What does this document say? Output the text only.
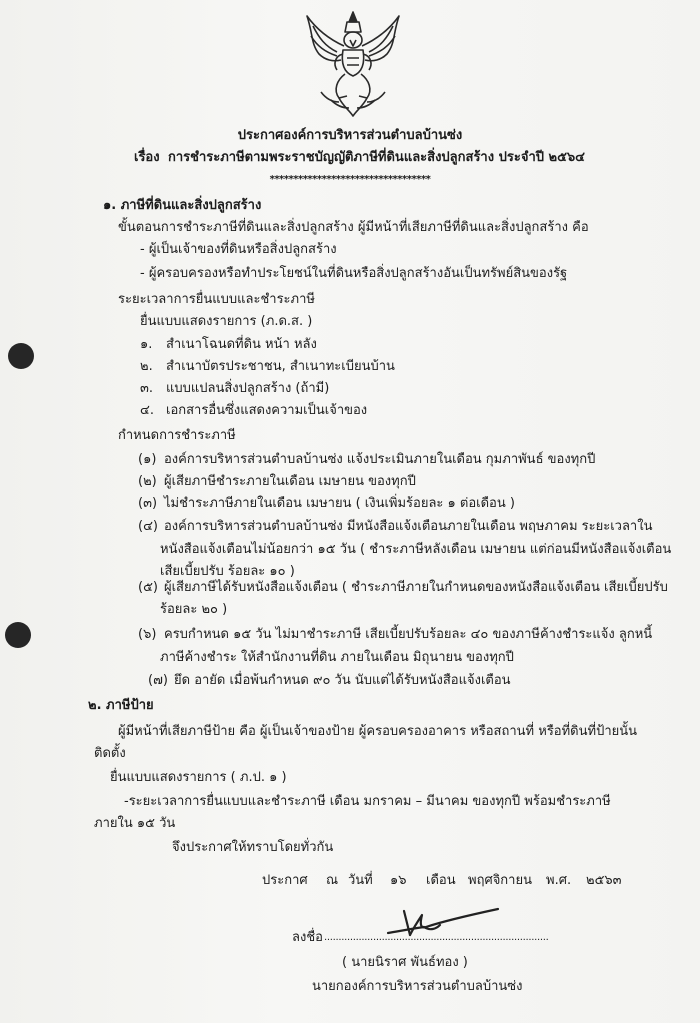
ประกาศองค์การบริหารส่วนตำบลบ้านซ่ง
เรื่อง การชำระภาษีตามพระราชบัญญัติภาษีที่ดินและสิ่งปลูกสร้าง ประจำปี ๒๕๖๔
**********************************
๑. ภาษีที่ดินและสิ่งปลูกสร้าง
ขั้นตอนการชำระภาษีที่ดินและสิ่งปลูกสร้าง ผู้มีหน้าที่เสียภาษีที่ดินและสิ่งปลูกสร้าง คือ
- ผู้เป็นเจ้าของที่ดินหรือสิ่งปลูกสร้าง
- ผู้ครอบครองหรือทำประโยชน์ในที่ดินหรือสิ่งปลูกสร้างอันเป็นทรัพย์สินของรัฐ
ระยะเวลาการยื่นแบบและชำระภาษี
ยื่นแบบแสดงรายการ (ภ.ด.ส. )
๑. สำเนาโฉนดที่ดิน หน้า หลัง
๒. สำเนาบัตรประชาชน, สำเนาทะเบียนบ้าน
๓. แบบแปลนสิ่งปลูกสร้าง (ถ้ามี)
๔. เอกสารอื่นซึ่งแสดงความเป็นเจ้าของ
กำหนดการชำระภาษี
(๑) องค์การบริหารส่วนตำบลบ้านซ่ง แจ้งประเมินภายในเดือน กุมภาพันธ์ ของทุกปี
(๒) ผู้เสียภาษีชำระภายในเดือน เมษายน ของทุกปี
(๓) ไม่ชำระภาษีภายในเดือน เมษายน ( เงินเพิ่มร้อยละ ๑ ต่อเดือน )
(๔) องค์การบริหารส่วนตำบลบ้านซ่ง มีหนังสือแจ้งเตือนภายในเดือน พฤษภาคม ระยะเวลาใน
หนังสือแจ้งเตือนไม่น้อยกว่า ๑๕ วัน ( ชำระภาษีหลังเดือน เมษายน แต่ก่อนมีหนังสือแจ้งเตือน
เสียเบี้ยปรับ ร้อยละ ๑๐ )
(๕) ผู้เสียภาษีได้รับหนังสือแจ้งเตือน ( ชำระภาษีภายในกำหนดของหนังสือแจ้งเตือน เสียเบี้ยปรับ
ร้อยละ ๒๐ )
(๖) ครบกำหนด ๑๕ วัน ไม่มาชำระภาษี เสียเบี้ยปรับร้อยละ ๔๐ ของภาษีค้างชำระแจ้ง ลูกหนี้
ภาษีค้างชำระ ให้สำนักงานที่ดิน ภายในเดือน มิถุนายน ของทุกปี
(๗) ยึด อายัด เมื่อพ้นกำหนด ๙๐ วัน นับแต่ได้รับหนังสือแจ้งเตือน
๒. ภาษีป้าย
ผู้มีหน้าที่เสียภาษีป้าย คือ ผู้เป็นเจ้าของป้าย ผู้ครอบครองอาคาร หรือสถานที่ หรือที่ดินที่ป้ายนั้น
ติดตั้ง
ยื่นแบบแสดงรายการ ( ภ.ป. ๑ )
-ระยะเวลาการยื่นแบบและชำระภาษี เดือน มกราคม – มีนาคม ของทุกปี พร้อมชำระภาษี
ภายใน ๑๕ วัน
จึงประกาศให้ทราบโดยทั่วกัน
ประกาศ ณ วันที่ ๑๖ เดือน พฤศจิกายน พ.ศ. ๒๕๖๓
ลงชื่อ ..............................................................................
( นายนิราศ พันธ์ทอง )
นายกองค์การบริหารส่วนตำบลบ้านซ่ง
